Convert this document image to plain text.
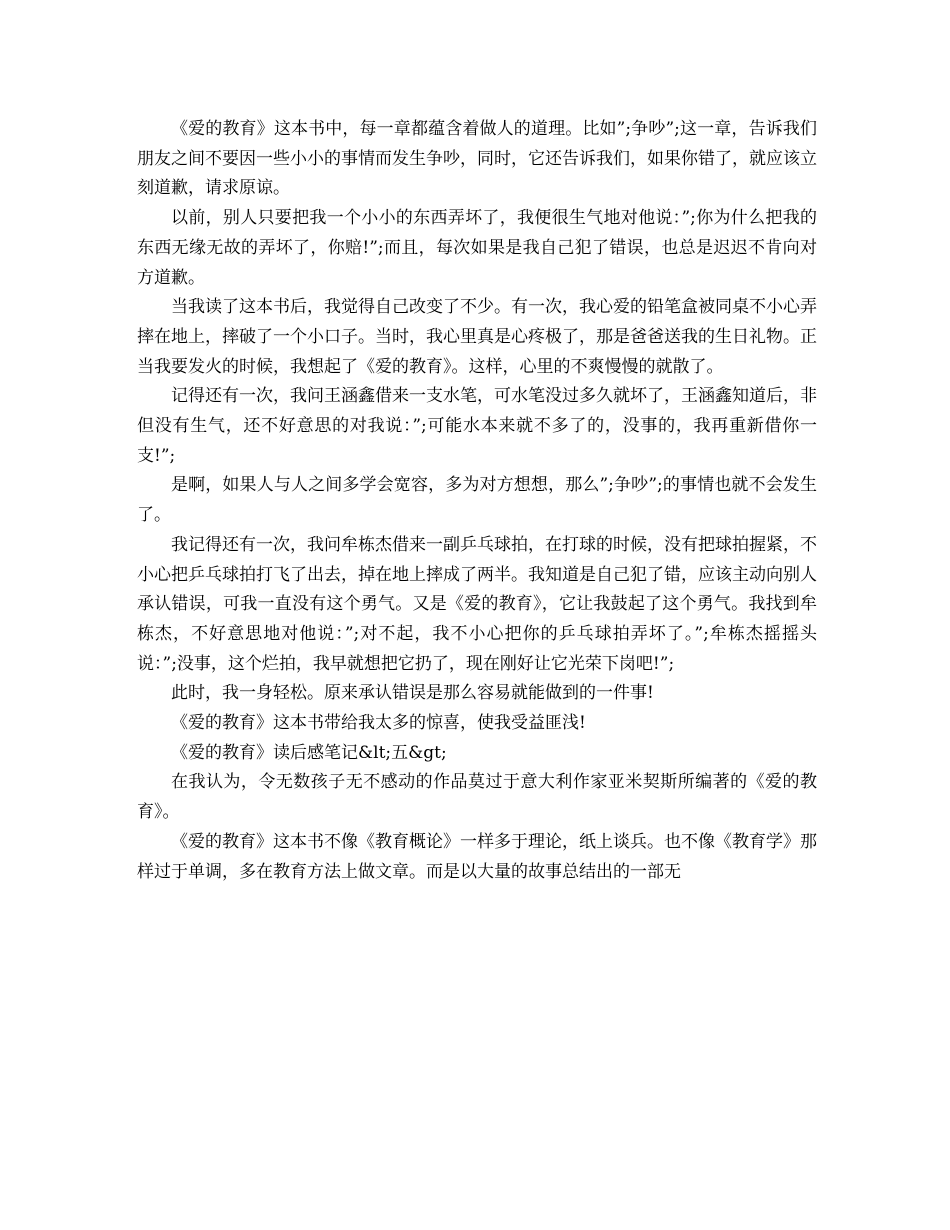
《爱的教育》这本书中，每一章都蕴含着做人的道理。比如”;争吵”;这一章，告诉我们朋友之间不要因一些小小的事情而发生争吵，同时，它还告诉我们，如果你错了，就应该立刻道歉，请求原谅。

以前，别人只要把我一个小小的东西弄坏了，我便很生气地对他说：”;你为什么把我的东西无缘无故的弄坏了，你赔!”;而且，每次如果是我自己犯了错误，也总是迟迟不肯向对方道歉。

当我读了这本书后，我觉得自己改变了不少。有一次，我心爱的铅笔盒被同桌不小心弄摔在地上，摔破了一个小口子。当时，我心里真是心疼极了，那是爸爸送我的生日礼物。正当我要发火的时候，我想起了《爱的教育》。这样，心里的不爽慢慢的就散了。

记得还有一次，我问王涵鑫借来一支水笔，可水笔没过多久就坏了，王涵鑫知道后，非但没有生气，还不好意思的对我说：”;可能水本来就不多了的，没事的，我再重新借你一支!”;

是啊，如果人与人之间多学会宽容，多为对方想想，那么”;争吵”;的事情也就不会发生了。

我记得还有一次，我问牟栋杰借来一副乒乓球拍，在打球的时候，没有把球拍握紧，不小心把乒乓球拍打飞了出去，掉在地上摔成了两半。我知道是自己犯了错，应该主动向别人承认错误，可我一直没有这个勇气。又是《爱的教育》，它让我鼓起了这个勇气。我找到牟栋杰，不好意思地对他说：”;对不起，我不小心把你的乒乓球拍弄坏了。”;牟栋杰摇摇头说：”;没事，这个烂拍，我早就想把它扔了，现在刚好让它光荣下岗吧!”;

此时，我一身轻松。原来承认错误是那么容易就能做到的一件事!

《爱的教育》这本书带给我太多的惊喜，使我受益匪浅!

《爱的教育》读后感笔记&lt;五&gt;

在我认为，令无数孩子无不感动的作品莫过于意大利作家亚米契斯所编著的《爱的教育》。

《爱的教育》这本书不像《教育概论》一样多于理论，纸上谈兵。也不像《教育学》那样过于单调，多在教育方法上做文章。而是以大量的故事总结出的一部无
